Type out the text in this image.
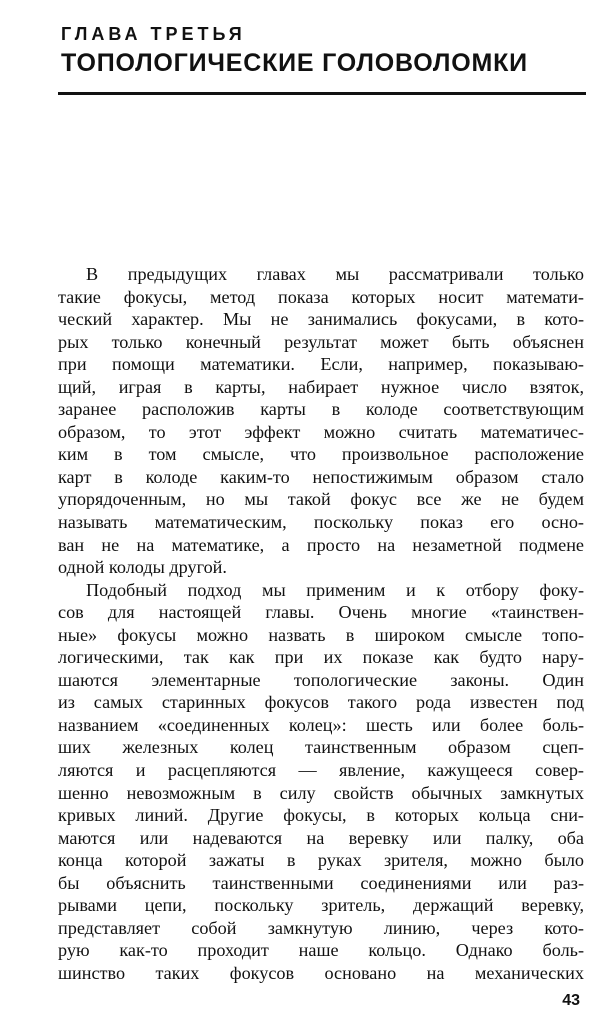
ГЛАВА ТРЕТЬЯ
ТОПОЛОГИЧЕСКИЕ ГОЛОВОЛОМКИ
В предыдущих главах мы рассматривали только
такие фокусы, метод показа которых носит математи-
ческий характер. Мы не занимались фокусами, в кото-
рых только конечный результат может быть объяснен
при помощи математики. Если, например, показываю-
щий, играя в карты, набирает нужное число взяток,
заранее расположив карты в колоде соответствующим
образом, то этот эффект можно считать математичес-
ким в том смысле, что произвольное расположение
карт в колоде каким-то непостижимым образом стало
упорядоченным, но мы такой фокус все же не будем
называть математическим, поскольку показ его осно-
ван не на математике, а просто на незаметной подмене
одной колоды другой.
Подобный подход мы применим и к отбору фоку-
сов для настоящей главы. Очень многие «таинствен-
ные» фокусы можно назвать в широком смысле топо-
логическими, так как при их показе как будто нару-
шаются элементарные топологические законы. Один
из самых старинных фокусов такого рода известен под
названием «соединенных колец»: шесть или более боль-
ших железных колец таинственным образом сцеп-
ляются и расцепляются — явление, кажущееся совер-
шенно невозможным в силу свойств обычных замкнутых
кривых линий. Другие фокусы, в которых кольца сни-
маются или надеваются на веревку или палку, оба
конца которой зажаты в руках зрителя, можно было
бы объяснить таинственными соединениями или раз-
рывами цепи, поскольку зритель, держащий веревку,
представляет собой замкнутую линию, через кото-
рую как-то проходит наше кольцо. Однако боль-
шинство таких фокусов основано на механических
43
